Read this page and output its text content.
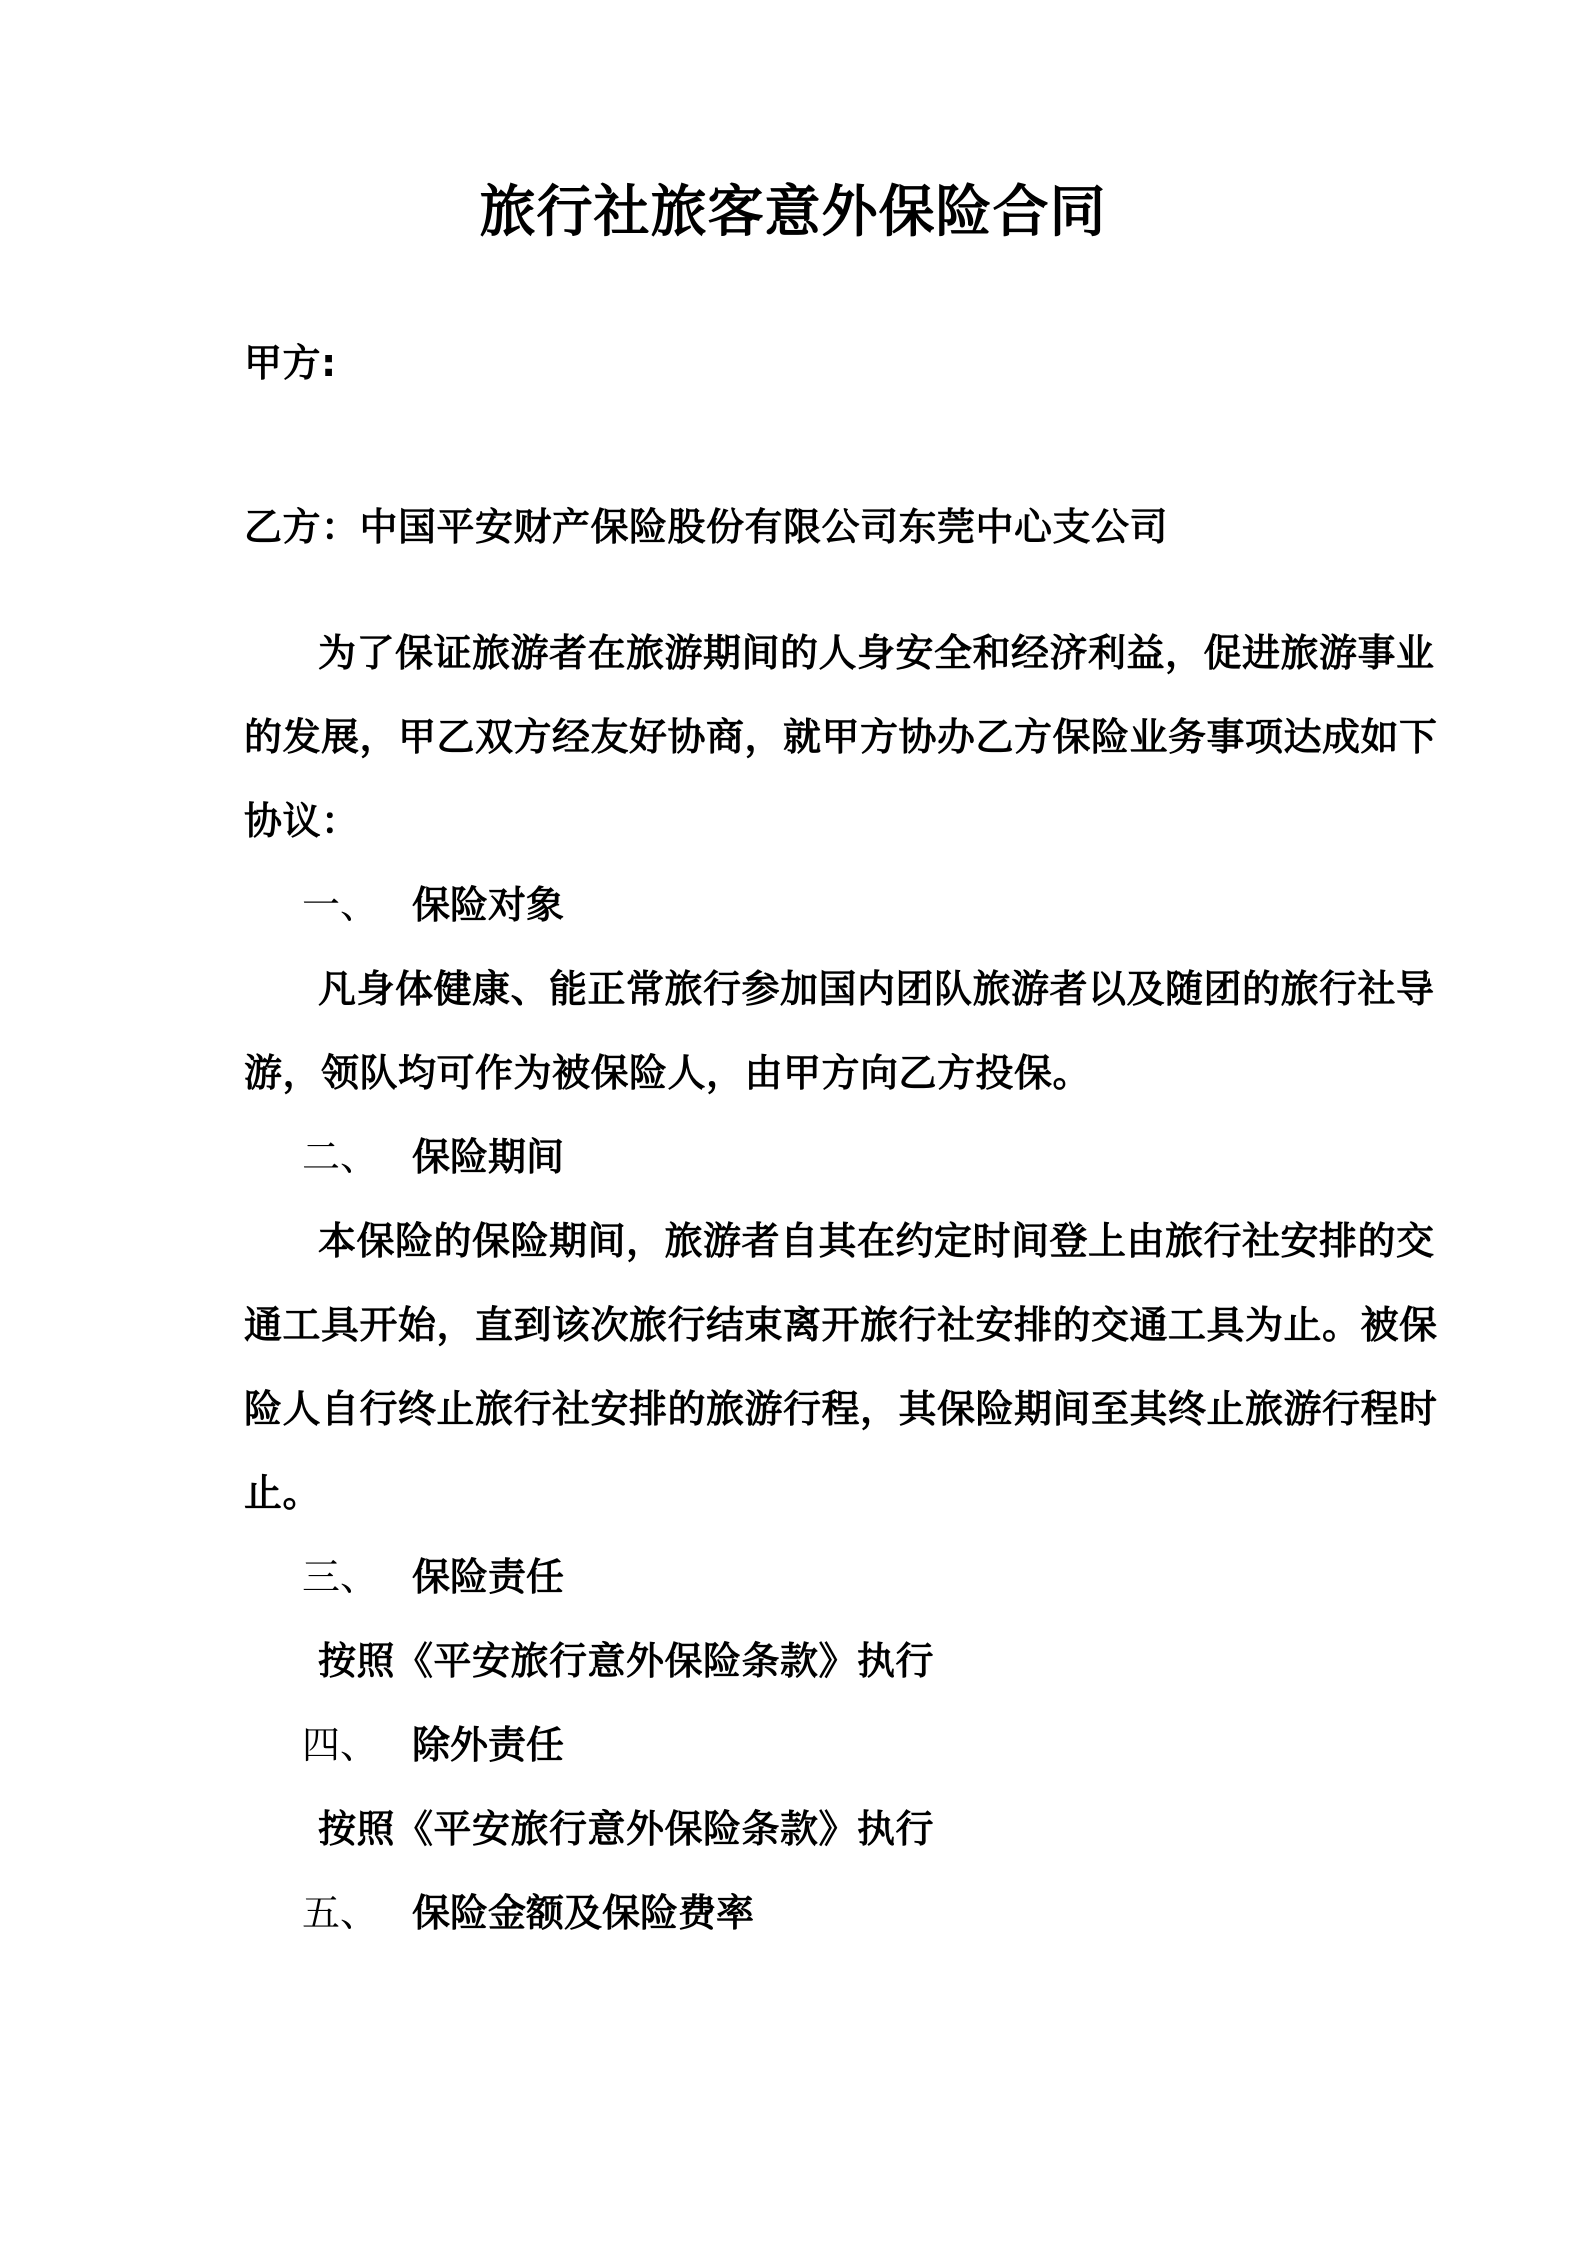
旅行社旅客意外保险合同
甲方:
乙方：中国平安财产保险股份有限公司东莞中心支公司
为了保证旅游者在旅游期间的人身安全和经济利益，促进旅游事业
的发展，甲乙双方经友好协商，就甲方协办乙方保险业务事项达成如下
协议：
一、 保险对象
凡身体健康、能正常旅行参加国内团队旅游者以及随团的旅行社导
游，领队均可作为被保险人，由甲方向乙方投保。
二、 保险期间
本保险的保险期间，旅游者自其在约定时间登上由旅行社安排的交
通工具开始，直到该次旅行结束离开旅行社安排的交通工具为止。被保
险人自行终止旅行社安排的旅游行程，其保险期间至其终止旅游行程时
止。
三、 保险责任
按照《平安旅行意外保险条款》执行
四、 除外责任
按照《平安旅行意外保险条款》执行
五、 保险金额及保险费率
